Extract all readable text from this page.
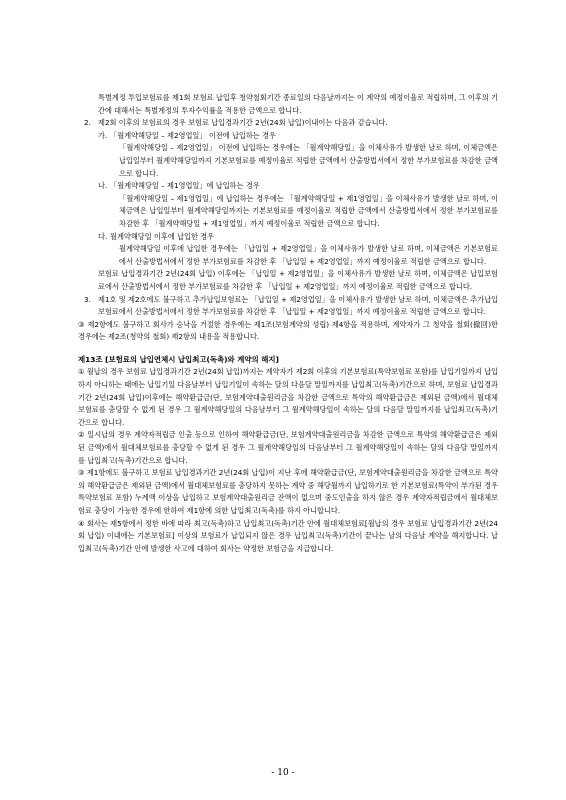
특별계정 투입보험료를 제1회 보험료 납입후 청약철회기간 종료일의 다음날까지는 이 계약의 예정이율로 적립하며, 그 이후의 기간에 대해서는 특별계정의 투자수익률을 적용한 금액으로 합니다.

2. 제2회 이후의 보험료의 경우 보험료 납입경과기간 2년(24회 납입)이내이는 다음과 같습니다.

가. 「월계약해당일 – 제2영업일」 이전에 납입하는 경우

「월계약해당일 – 제2영업일」 이전에 납입하는 경우에는 「월계약해당일」을 이체사유가 발생한 날로 하며, 이체금액은 납입일부터 월계약해당일까지 기본보험료를 예정이율로 적립한 금액에서 산출방법서에서 정한 부가보험료를 차감한 금액으로 합니다.

나. 「월계약해당일 – 제1영업일」에 납입하는 경우

「월계약해당일 – 제1영업일」에 납입하는 경우에는 「월계약해당일 + 제1영업일」을 이체사유가 발생한 날로 하며, 이체금액은 납입일부터 월계약해당일까지는 기본보험료를 예정이율로 적립한 금액에서 산출방법서에서 정한 부가보험료를 차감한 후 「월계약해당일 + 제1영업일」까지 예정이율로 적립한 금액으로 합니다.

다. 월계약해당일 이후에 납입한 경우

월계약해당일 이후에 납입한 경우에는 「납입일 + 제2영업일」을 이체사유가 발생한 날로 하며, 이체금액은 기본보험료에서 산출방법서에서 정한 부가보험료를 차감한 후 「납입일 + 제2영업일」까지 예정이율로 적립한 금액으로 합니다.

보험료 납입경과기간 2년(24회 납입) 이후에는 「납입일 + 제2영업일」을 이체사유가 발생한 날로 하며, 이체금액은 납입보험료에서 산출방법서에서 정한 부가보험료를 차감한 후 「납입일 + 제2영업일」까지 예정이율로 적립한 금액으로 합니다.

3. 제1호 및 제2호에도 불구하고 추가납입보험료는 「납입일 + 제2영업일」을 이체사유가 발생한 날로 하며, 이체금액은 추가납입보험료에서 산출방법서에서 정한 부가보험료를 차감한 후 「납입일 + 제2영업일」까지 예정이율로 적립한 금액으로 합니다.

③ 제2항에도 불구하고 회사가 승낙을 거절한 경우에는 제1조(보험계약의 성립) 제4항을 적용하며, 계약자가 그 청약을 철회(撤回)한 경우에는 제2조(청약의 철회) 제2항의 내용을 적용합니다.

제13조 [보험료의 납입연체시 납입최고(독촉)와 계약의 해지]

① 월납의 경우 보험료 납입경과기간 2년(24회 납입)까지는 계약자가 제2회 이후의 기본보험료(특약보험료 포함)를 납입기일까지 납입하지 아니하는 때에는 납입기일 다음날부터 납입기일이 속하는 달의 다음달 말일까지를 납입최고(독촉)기간으로 하며, 보험료 납입경과기간 2년(24회 납입)이후에는 해약환급금(단, 보험계약대출원리금을 차감한 금액으로 특약의 해약환급금은 제외된 금액)에서 월대체보험료를 충당할 수 없게 된 경우 그 월계약해당일의 다음날부터 그 월계약해당일이 속하는 달의 다음달 말일까지를 납입최고(독촉)기간으로 합니다.

② 일시납의 경우 계약자적립금 인출 등으로 인하여 해약환급금(단, 보험계약대출원리금을 차감한 금액으로 특약의 해약환급금은 제외된 금액)에서 월대체보험료를 충당할 수 없게 된 경우 그 월계약해당일의 다음날부터 그 월계약해당일이 속하는 달의 다음달 말일까지를 납입최고(독촉)기간으로 합니다.

③ 제1항에도 불구하고 보험료 납입경과기간 2년(24회 납입)이 지난 후에 해약환급금(단, 보험계약대출원리금을 차감한 금액으로 특약의 해약환급금은 제외된 금액)에서 월대체보험료를 충당하지 못하는 계약 중 해당월까지 납입하기로 한 기본보험료(특약이 부가된 경우 특약보험료 포함) 누계액 이상을 납입하고 보험계약대출원리금 잔액이 없으며 중도인출을 하지 않은 경우 계약자적립금에서 월대체보험료 충당이 가능한 경우에 한하여 제1항에 의한 납입최고(독촉)를 하지 아니합니다.

④ 회사는 제5항에서 정한 바에 따라 최고(독촉)하고 납입최고(독촉)기간 안에 월대체보험료[월납의 경우 보험료 납입경과기간 2년(24회 납입) 이내에는 기본보험료] 이상의 보험료가 납입되지 않은 경우 납입최고(독촉)기간이 끝나는 날의 다음날 계약을 해지합니다. 납입최고(독촉)기간 안에 발생한 사고에 대하여 회사는 약정한 보험금을 지급합니다.

- 10 -
